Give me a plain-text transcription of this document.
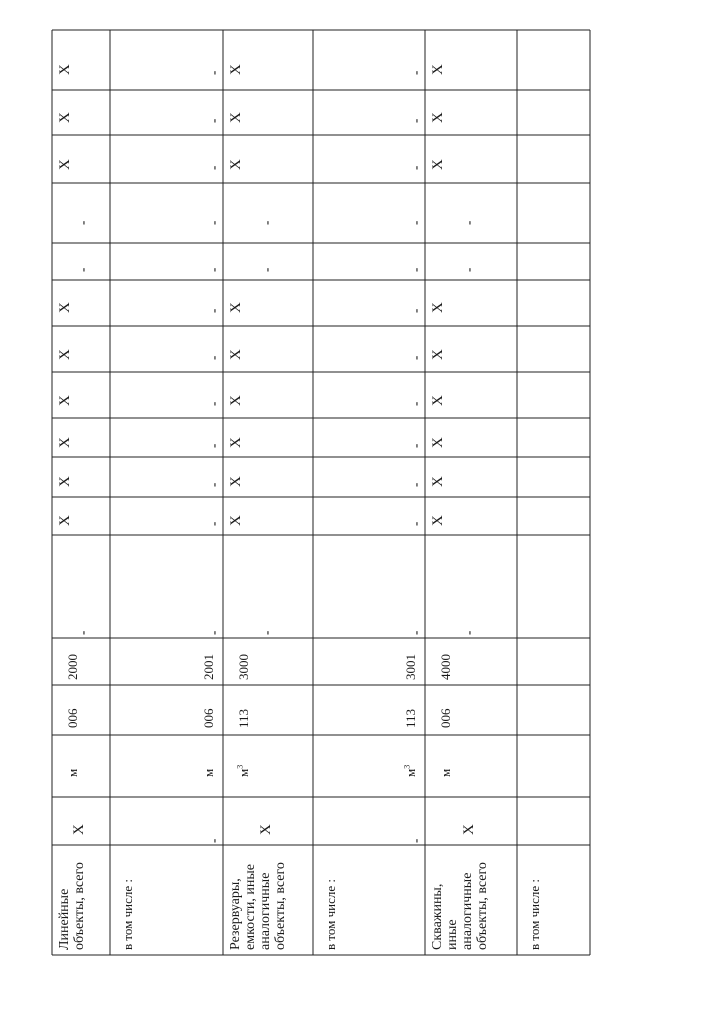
Линейные объекты, всего
X
м
006
2000
-
X
X
X
X
X
X
-
-
X
X
X
в том числе :
-
м
006
2001
-
-
-
-
-
-
-
-
-
-
-
-
Резервуары, емкости, иные аналогичные объекты, всего
X
$м^3$
113
3000
-
X
X
X
X
X
X
-
-
X
X
X
в том числе :
-
$м^3$
113
3001
-
-
-
-
-
-
-
-
-
-
-
-
Скважины, иные аналогичные объекты, всего
X
м
006
4000
-
X
X
X
X
X
X
-
-
X
X
X
в том числе :
